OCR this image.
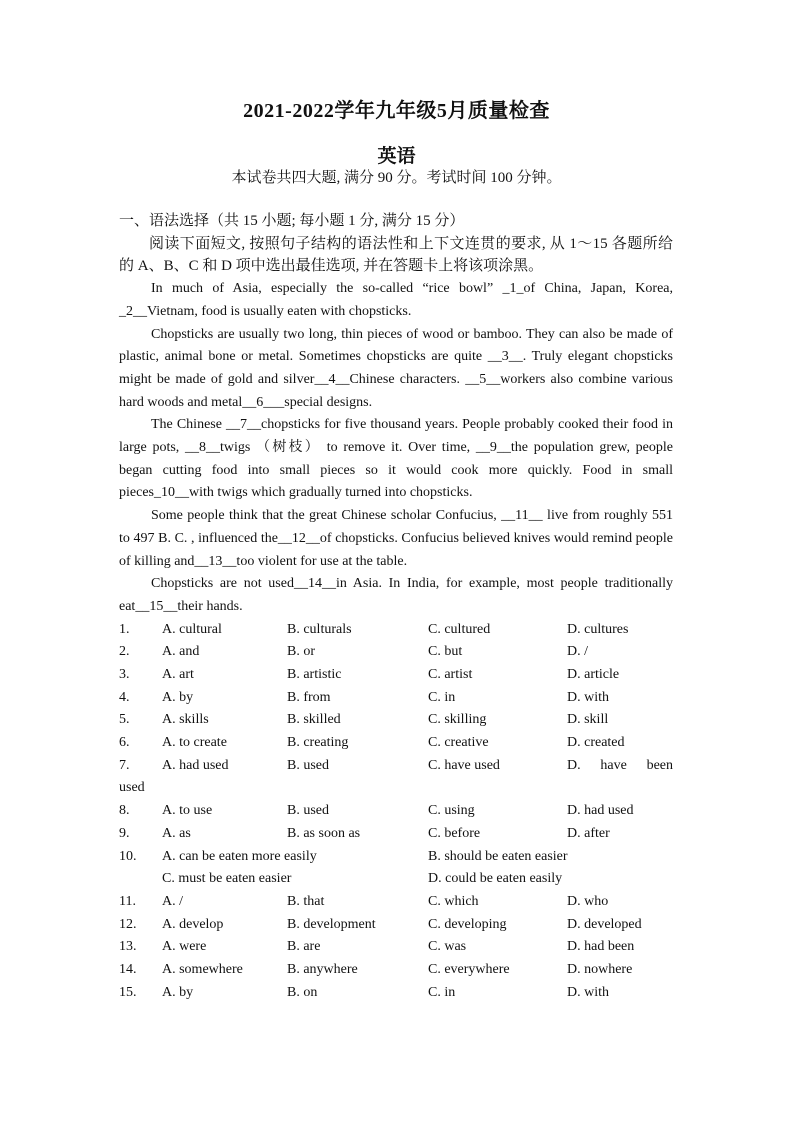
2021-2022学年九年级5月质量检查
英语
本试卷共四大题, 满分 90 分。考试时间 100 分钟。

一、语法选择（共 15 小题; 每小题 1 分, 满分 15 分）

阅读下面短文, 按照句子结构的语法性和上下文连贯的要求, 从 1～15 各题所给的 A、B、C 和 D 项中选出最佳选项, 并在答题卡上将该项涂黑。

In much of Asia, especially the so-called “rice bowl” _1_of China, Japan, Korea, _2__Vietnam, food is usually eaten with chopsticks.

Chopsticks are usually two long, thin pieces of wood or bamboo. They can also be made of plastic, animal bone or metal. Sometimes chopsticks are quite __3__. Truly elegant chopsticks might be made of gold and silver__4__Chinese characters. __5__workers also combine various hard woods and metal__6___special designs.

The Chinese __7__chopsticks for five thousand years. People probably cooked their food in large pots, __8__twigs （树枝） to remove it. Over time, __9__the population grew, people began cutting food into small pieces so it would cook more quickly. Food in small pieces_10__with twigs which gradually turned into chopsticks.

Some people think that the great Chinese scholar Confucius, __11__ live from roughly 551 to 497 B. C. , influenced the__12__of chopsticks. Confucius believed knives would remind people of killing and__13__too violent for use at the table.

Chopsticks are not used__14__in Asia. In India, for example, most people traditionally eat__15__their hands.

1. A. cultural	B. culturals	C. cultured	D. cultures
2. A. and	B. or	C. but	D. /
3. A. art	B. artistic	C. artist	D. article
4. A. by	B. from	C. in	D. with
5. A. skills	B. skilled	C. skilling	D. skill
6. A. to create	B. creating	C. creative	D. created
7. A. had used	B. used	C. have used	D. have been
used
8. A. to use	B. used	C. using	D. had used
9. A. as	B. as soon as	C. before	D. after
10. A. can be eaten more easily	B. should be eaten easier
C. must be eaten easier	D. could be eaten easily
11. A. /	B. that	C. which	D. who
12. A. develop	B. development	C. developing	D. developed
13. A. were	B. are	C. was	D. had been
14. A. somewhere	B. anywhere	C. everywhere	D. nowhere
15. A. by	B. on	C. in	D. with
